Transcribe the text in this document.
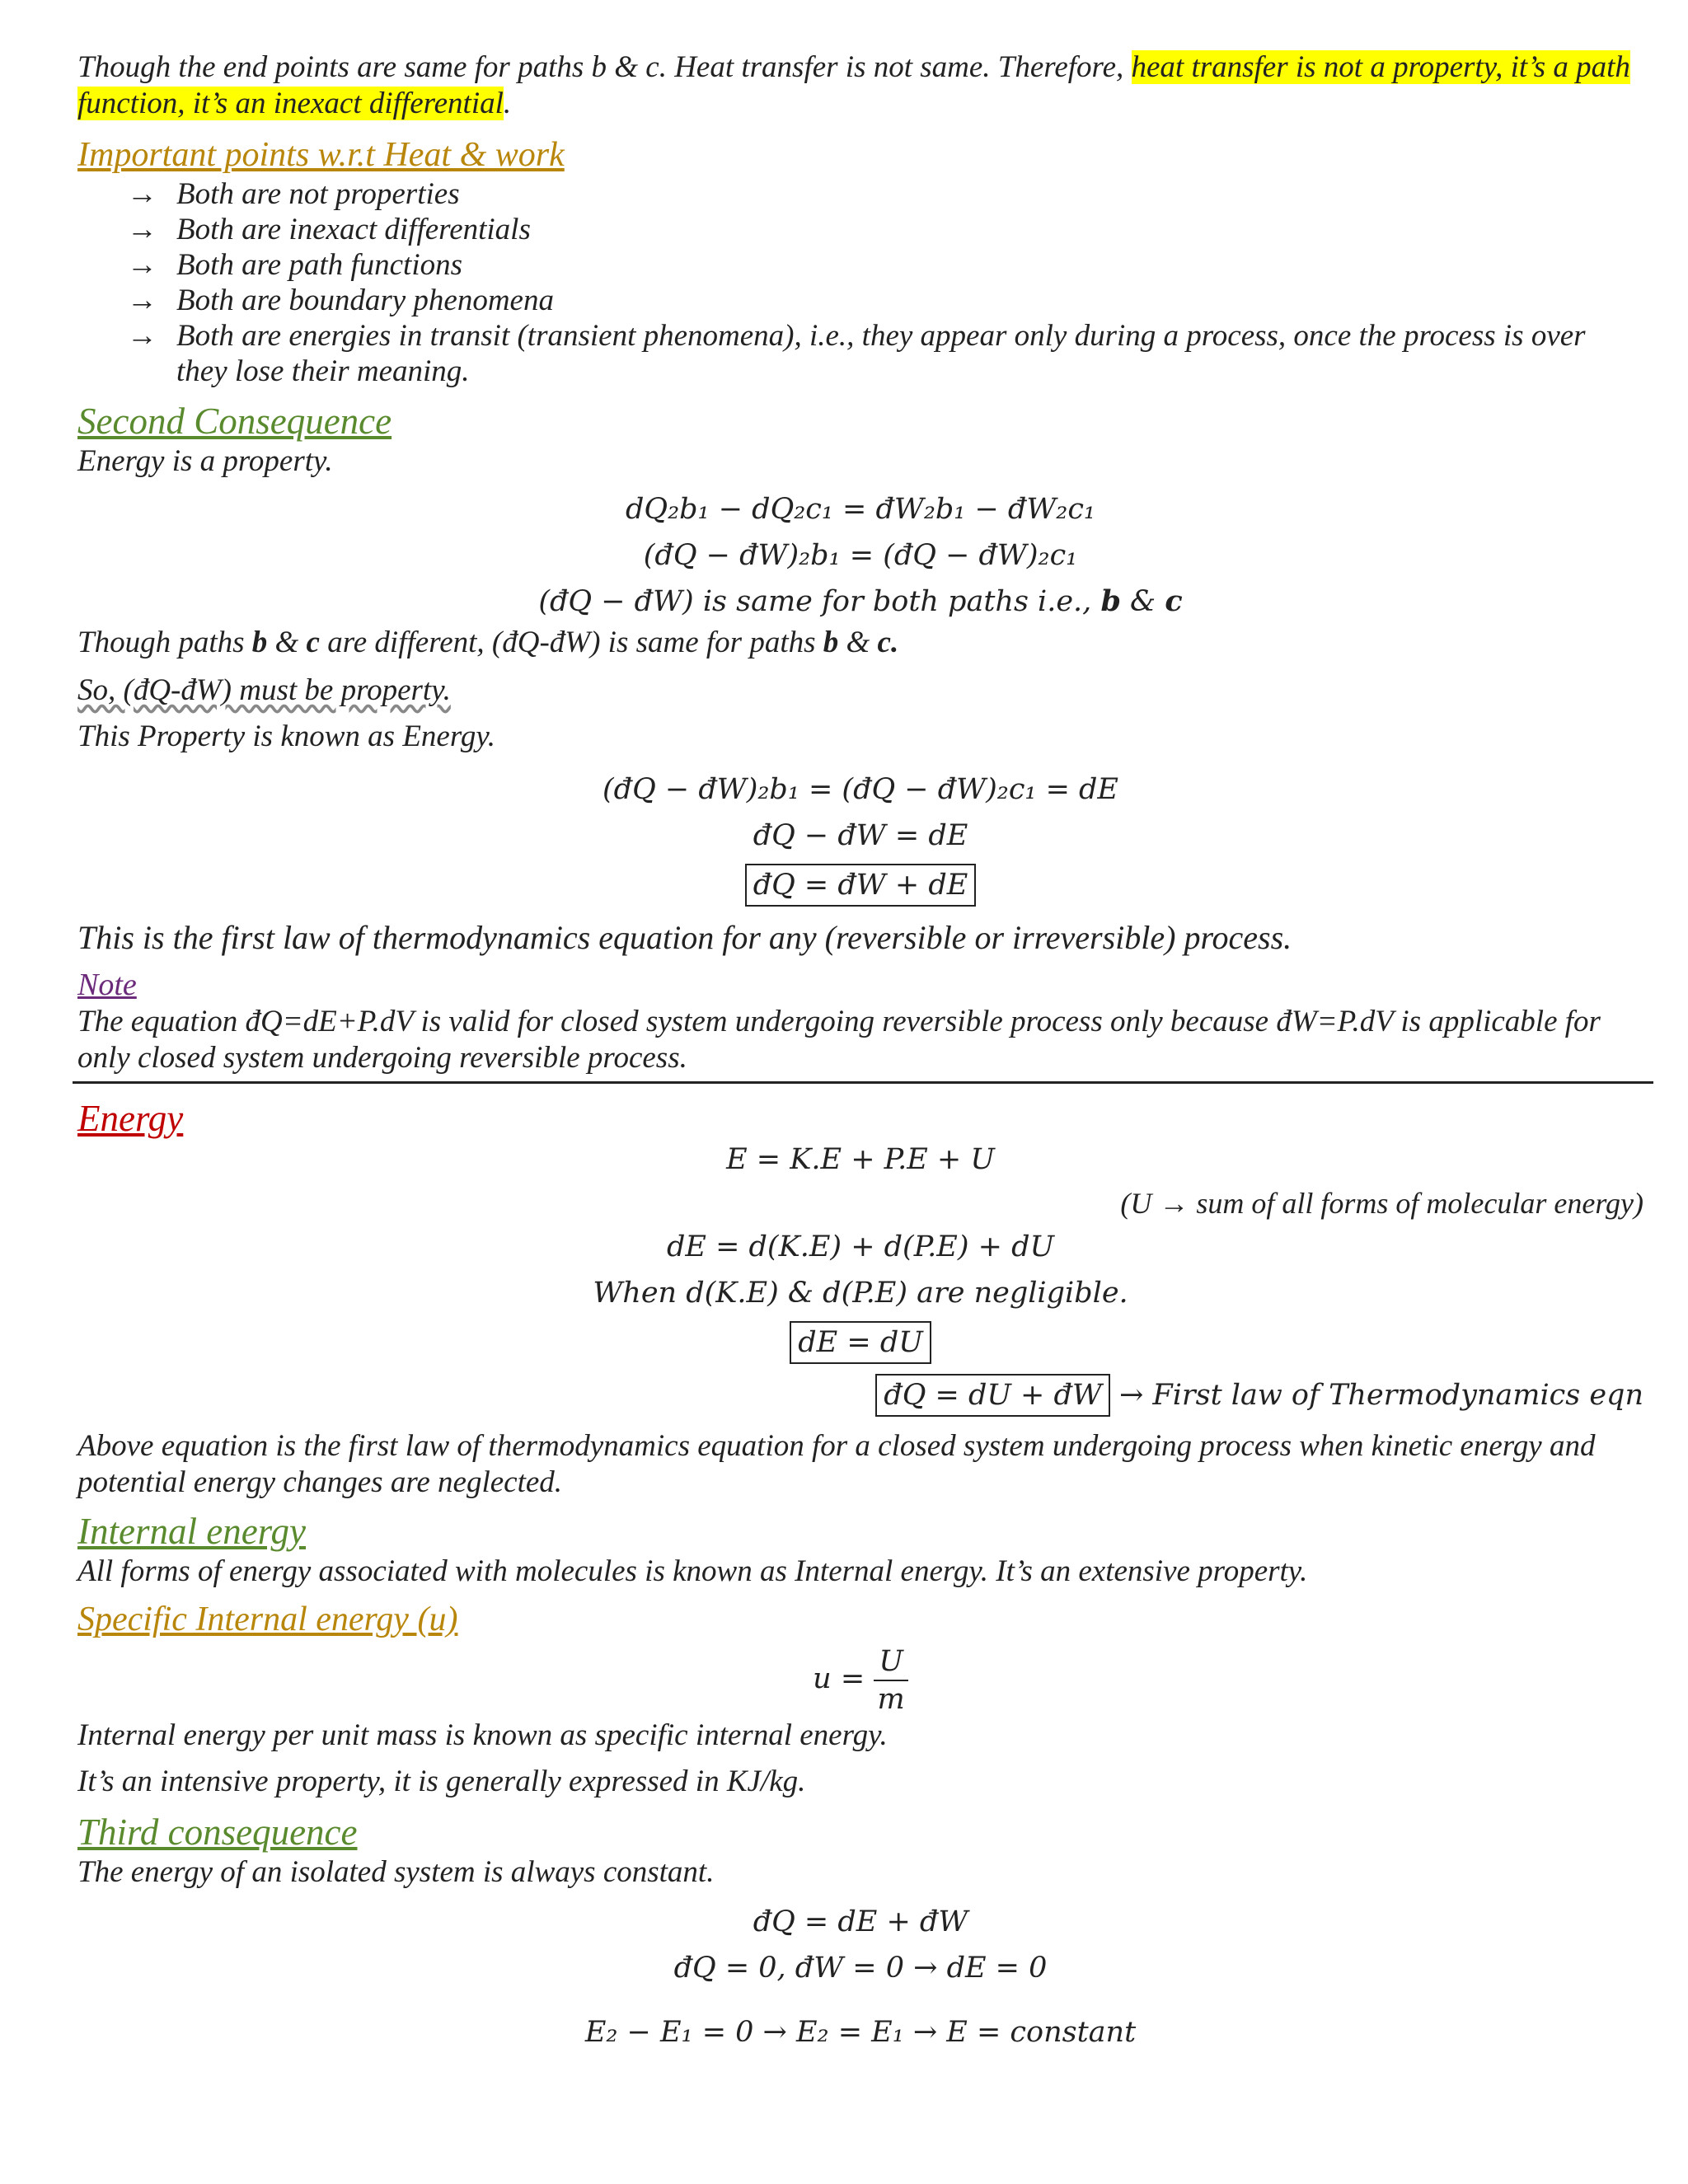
Though the end points are same for paths b & c. Heat transfer is not same. Therefore, heat transfer is not a property, it’s a path function, it’s an inexact differential.

Important points w.r.t Heat & work

→ Both are not properties
→ Both are inexact differentials
→ Both are path functions
→ Both are boundary phenomena
→ Both are energies in transit (transient phenomena), i.e., they appear only during a process, once the process is over they lose their meaning.

Second Consequence

Energy is a property.

dQ₂b₁ − dQ₂c₁ = đW₂b₁ − đW₂c₁

(đQ − đW)₂b₁ = (đQ − đW)₂c₁

(đQ − đW) is same for both paths i.e., b & c

Though paths b & c are different, (đQ-đW) is same for paths b & c.

So, (đQ-đW) must be property.

This Property is known as Energy.

(đQ − đW)₂b₁ = (đQ − đW)₂c₁ = dE

đQ − đW = dE

đQ = đW + dE

This is the first law of thermodynamics equation for any (reversible or irreversible) process.

Note

The equation đQ=dE+P.dV is valid for closed system undergoing reversible process only because đW=P.dV is applicable for only closed system undergoing reversible process.

Energy

E = K.E + P.E + U

(U → sum of all forms of molecular energy)

dE = d(K.E) + d(P.E) + dU

When d(K.E) & d(P.E) are negligible.

dE = dU

đQ = dU + đW → First law of Thermodynamics eqn

Above equation is the first law of thermodynamics equation for a closed system undergoing process when kinetic energy and potential energy changes are neglected.

Internal energy

All forms of energy associated with molecules is known as Internal energy. It’s an extensive property.

Specific Internal energy (u)

$u = \frac{U}{m}$

Internal energy per unit mass is known as specific internal energy.

It’s an intensive property, it is generally expressed in KJ/kg.

Third consequence

The energy of an isolated system is always constant.

đQ = dE + đW

đQ = 0, đW = 0 → dE = 0

E₂ − E₁ = 0 → E₂ = E₁ → E = constant
